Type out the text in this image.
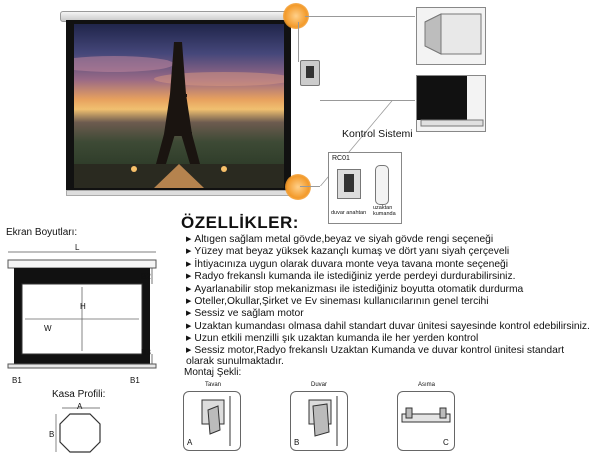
Kontrol Sistemi
RC01
duvar anahtarı
uzaktan kumanda
Ekran Boyutları:
L
H
W
B2
B3
B1	B1
Kasa Profili:
A
B
ÖZELLİKLER:
▶ Altıgen sağlam metal gövde,beyaz ve siyah gövde rengi seçeneği
▶ Yüzey mat beyaz yüksek kazançlı kumaş ve dört yanı siyah çerçeveli
▶ İhtiyacınıza uygun olarak duvara monte veya tavana monte seçeneği
▶ Radyo frekanslı kumanda ile istediğiniz yerde perdeyi durdurabilirsiniz.
▶ Ayarlanabilir stop mekanizması ile istediğiniz boyutta otomatik durdurma
▶ Oteller,Okullar,Şirket ve Ev sineması kullanıcılarının genel tercihi
▶ Sessiz ve sağlam motor
▶ Uzaktan kumandası olmasa dahil standart duvar ünitesi sayesinde kontrol edebilirsiniz.
▶ Uzun etkili menzilli şık uzaktan kumanda ile her yerden kontrol
▶ Sessiz motor,Radyo frekanslı Uzaktan Kumanda ve duvar kontrol ünitesi standart olarak sunulmaktadır.
Montaj Şekli:
Tavan
A
Duvar
B
Asıma
C
